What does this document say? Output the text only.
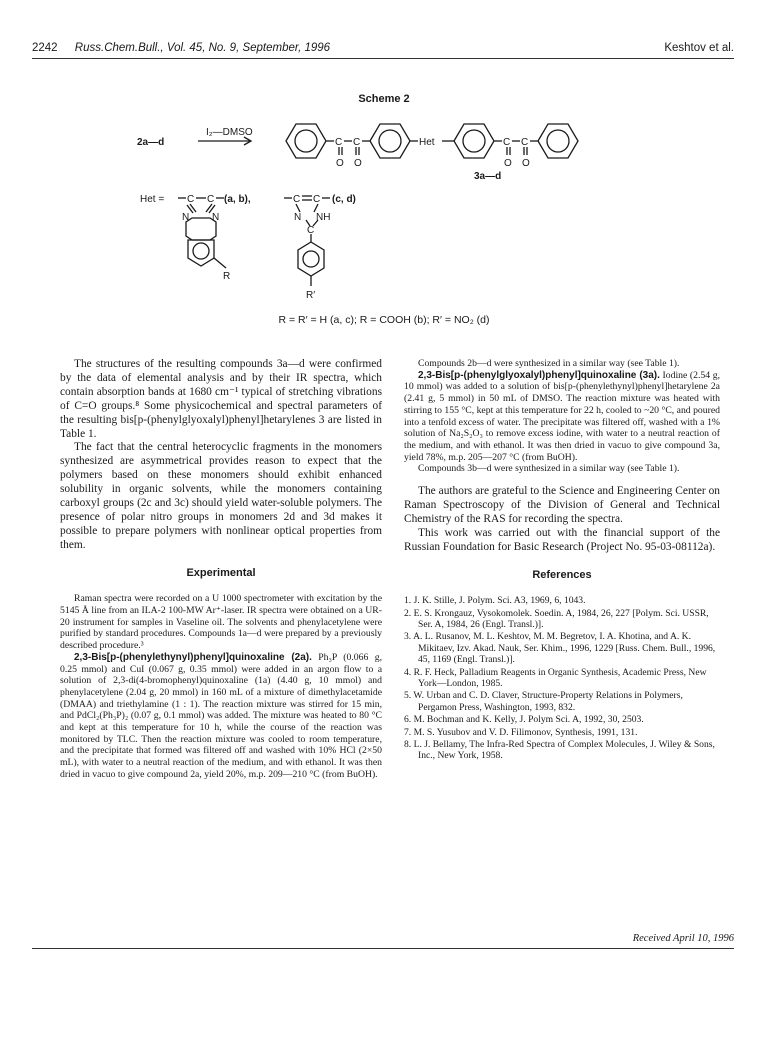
2242 Russ.Chem.Bull., Vol. 45, No. 9, September, 1996	Keshtov et al.
Scheme 2
2a—d
I₂—DMSO
C C
O O
Het	C C
O O
3a—d
Het = C C
N N
(a, b),
R
C C
N NH
C
(c, d)
R′
R = R′ = H (a, c); R = COOH (b); R′ = NO₂ (d)

The structures of the resulting compounds 3a—d were confirmed by the data of elemental analysis and by their IR spectra, which contain absorption bands at 1680 cm⁻¹ typical of stretching vibrations of C=O groups.⁸ Some physicochemical and spectral parameters of the resulting bis[p-(phenylglyoxalyl)phenyl]hetarylenes 3 are listed in Table 1.

The fact that the central heterocyclic fragments in the monomers synthesized are asymmetrical provides reason to expect that the polymers based on these monomers should exhibit enhanced solubility in organic solvents, while the monomers containing carboxyl groups (2c and 3c) should yield water-soluble polymers. The presence of polar nitro groups in monomers 2d and 3d makes it possible to prepare polymers with nonlinear optical properties from them.

Experimental

Raman spectra were recorded on a U 1000 spectrometer with excitation by the 5145 Å line from an ILA-2 100-MW Ar⁺-laser. IR spectra were obtained on a UR-20 instrument for samples in Vaseline oil. The solvents and phenylacetylene were purified by standard procedures. Compounds 1a—d were prepared by a previously described procedure.³

2,3-Bis[p-(phenylethynyl)phenyl]quinoxaline (2a). Ph₃P (0.066 g, 0.25 mmol) and CuI (0.067 g, 0.35 mmol) were added in an argon flow to a solution of 2,3-di(4-bromophenyl)quinoxaline (1a) (4.40 g, 10 mmol) and phenylacetylene (2.04 g, 20 mmol) in 160 mL of a mixture of dimethylacetamide (DMAA) and triethylamine (1 : 1). The reaction mixture was stirred for 15 min, and PdCl₂(Ph₃P)₂ (0.07 g, 0.1 mmol) was added. The mixture was heated to 80 °C and kept at this temperature for 10 h, while the course of the reaction was monitored by TLC. Then the reaction mixture was cooled to room temperature, and the precipitate that formed was filtered off and washed with 10% HCl (2×50 mL), with water to a neutral reaction of the medium, and with ethanol. It was then dried in vacuo to give compound 2a, yield 20%, m.p. 209—210 °C (from BuOH).

Compounds 2b—d were synthesized in a similar way (see Table 1).

2,3-Bis[p-(phenylglyoxalyl)phenyl]quinoxaline (3a). Iodine (2.54 g, 10 mmol) was added to a solution of bis[p-(phenylethynyl)phenyl]hetarylene 2a (2.41 g, 5 mmol) in 50 mL of DMSO. The reaction mixture was heated with stirring to 155 °C, kept at this temperature for 22 h, cooled to ~20 °C, and poured into a tenfold excess of water. The precipitate was filtered off, washed with a 1% solution of Na₂S₂O₃ to remove excess iodine, with water to a neutral reaction of the medium, and with ethanol. It was then dried in vacuo to give compound 3a, yield 78%, m.p. 205—207 °C (from BuOH).

Compounds 3b—d were synthesized in a similar way (see Table 1).

The authors are grateful to the Science and Engineering Center on Raman Spectroscopy of the Division of General and Technical Chemistry of the RAS for recording the spectra.

This work was carried out with the financial support of the Russian Foundation for Basic Research (Project No. 95-03-08112a).

References
1. J. K. Stille, J. Polym. Sci. A3, 1969, 6, 1043.
2. E. S. Krongauz, Vysokomolek. Soedin. A, 1984, 26, 227 [Polym. Sci. USSR, Ser. A, 1984, 26 (Engl. Transl.)].
3. A. L. Rusanov, M. L. Keshtov, M. M. Begretov, I. A. Khotina, and A. K. Mikitaev, Izv. Akad. Nauk, Ser. Khim., 1996, 1229 [Russ. Chem. Bull., 1996, 45, 1169 (Engl. Transl.)].
4. R. F. Heck, Palladium Reagents in Organic Synthesis, Academic Press, New York—London, 1985.
5. W. Urban and C. D. Claver, Structure-Property Relations in Polymers, Pergamon Press, Washington, 1993, 832.
6. M. Bochman and K. Kelly, J. Polym Sci. A, 1992, 30, 2503.
7. M. S. Yusubov and V. D. Filimonov, Synthesis, 1991, 131.
8. L. J. Bellamy, The Infra-Red Spectra of Complex Molecules, J. Wiley & Sons, Inc., New York, 1958.
Received April 10, 1996
